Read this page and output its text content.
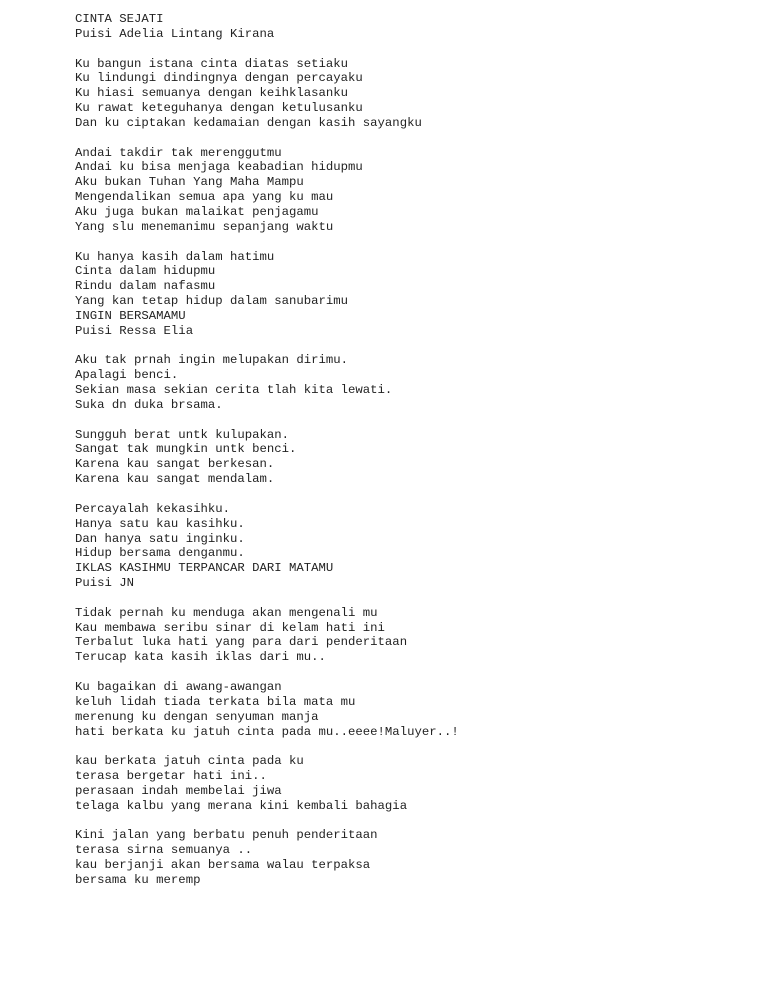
CINTA SEJATI
Puisi Adelia Lintang Kirana
Ku bangun istana cinta diatas setiaku
Ku lindungi dindingnya dengan percayaku
Ku hiasi semuanya dengan keihklasanku
Ku rawat keteguhanya dengan ketulusanku
Dan ku ciptakan kedamaian dengan kasih sayangku
Andai takdir tak merenggutmu
Andai ku bisa menjaga keabadian hidupmu
Aku bukan Tuhan Yang Maha Mampu
Mengendalikan semua apa yang ku mau
Aku juga bukan malaikat penjagamu
Yang slu menemanimu sepanjang waktu
Ku hanya kasih dalam hatimu
Cinta dalam hidupmu
Rindu dalam nafasmu
Yang kan tetap hidup dalam sanubarimu
INGIN BERSAMAMU
Puisi Ressa Elia
Aku tak prnah ingin melupakan dirimu.
Apalagi benci.
Sekian masa sekian cerita tlah kita lewati.
Suka dn duka brsama.
Sungguh berat untk kulupakan.
Sangat tak mungkin untk benci.
Karena kau sangat berkesan.
Karena kau sangat mendalam.
Percayalah kekasihku.
Hanya satu kau kasihku.
Dan hanya satu inginku.
Hidup bersama denganmu.
IKLAS KASIHMU TERPANCAR DARI MATAMU
Puisi JN
Tidak pernah ku menduga akan mengenali mu
Kau membawa seribu sinar di kelam hati ini
Terbalut luka hati yang para dari penderitaan
Terucap kata kasih iklas dari mu..
Ku bagaikan di awang-awangan
keluh lidah tiada terkata bila mata mu
merenung ku dengan senyuman manja
hati berkata ku jatuh cinta pada mu..eeee!Maluyer..!
kau berkata jatuh cinta pada ku
terasa bergetar hati ini..
perasaan indah membelai jiwa
telaga kalbu yang merana kini kembali bahagia
Kini jalan yang berbatu penuh penderitaan
terasa sirna semuanya ..
kau berjanji akan bersama walau terpaksa
bersama ku meremp
